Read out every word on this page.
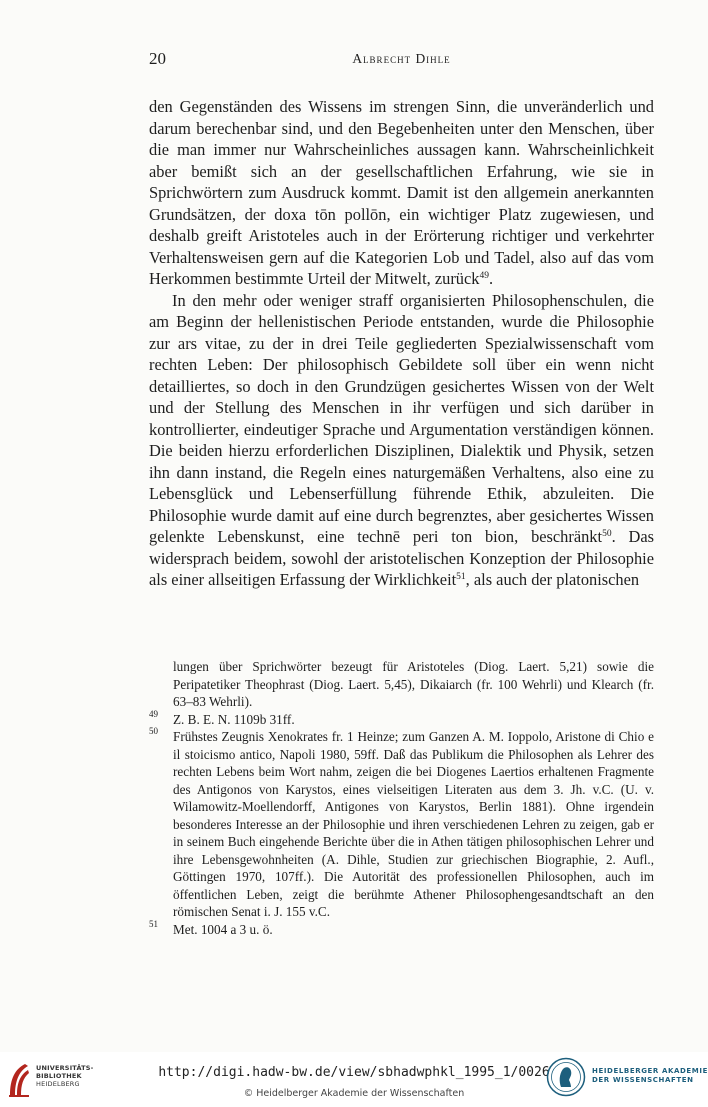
20	Albrecht Dihle

den Gegenständen des Wissens im strengen Sinn, die unveränderlich und darum berechenbar sind, und den Begebenheiten unter den Menschen, über die man immer nur Wahrscheinliches aussagen kann. Wahrscheinlichkeit aber bemißt sich an der gesellschaftlichen Erfahrung, wie sie in Sprichwörtern zum Ausdruck kommt. Damit ist den allgemein anerkannten Grundsätzen, der doxa tōn pollōn, ein wichtiger Platz zugewiesen, und deshalb greift Aristoteles auch in der Erörterung richtiger und verkehrter Verhaltensweisen gern auf die Kategorien Lob und Tadel, also auf das vom Herkommen bestimmte Urteil der Mitwelt, zurück$^{49}$.

In den mehr oder weniger straff organisierten Philosophenschulen, die am Beginn der hellenistischen Periode entstanden, wurde die Philosophie zur ars vitae, zu der in drei Teile gegliederten Spezialwissenschaft vom rechten Leben: Der philosophisch Gebildete soll über ein wenn nicht detailliertes, so doch in den Grundzügen gesichertes Wissen von der Welt und der Stellung des Menschen in ihr verfügen und sich darüber in kontrollierter, eindeutiger Sprache und Argumentation verständigen können. Die beiden hierzu erforderlichen Disziplinen, Dialektik und Physik, setzen ihn dann instand, die Regeln eines naturgemäßen Verhaltens, also eine zu Lebensglück und Lebenserfüllung führende Ethik, abzuleiten. Die Philosophie wurde damit auf eine durch begrenztes, aber gesichertes Wissen gelenkte Lebenskunst, eine technē peri ton bion, beschränkt$^{50}$. Das widersprach beidem, sowohl der aristotelischen Konzeption der Philosophie als einer allseitigen Erfassung der Wirklichkeit$^{51}$, als auch der platonischen

lungen über Sprichwörter bezeugt für Aristoteles (Diog. Laert. 5,21) sowie die Peripatetiker Theophrast (Diog. Laert. 5,45), Dikaiarch (fr. 100 Wehrli) und Klearch (fr. 63–83 Wehrli).

49 Z. B. E. N. 1109b 31ff.

50 Frühstes Zeugnis Xenokrates fr. 1 Heinze; zum Ganzen A. M. Ioppolo, Aristone di Chio e il stoicismo antico, Napoli 1980, 59ff. Daß das Publikum die Philosophen als Lehrer des rechten Lebens beim Wort nahm, zeigen die bei Diogenes Laertios erhaltenen Fragmente des Antigonos von Karystos, eines vielseitigen Literaten aus dem 3. Jh. v.C. (U. v. Wilamowitz-Moellendorff, Antigones von Karystos, Berlin 1881). Ohne irgendein besonderes Interesse an der Philosophie und ihren verschiedenen Lehren zu zeigen, gab er in seinem Buch eingehende Berichte über die in Athen tätigen philosophischen Lehrer und ihre Lebensgewohnheiten (A. Dihle, Studien zur griechischen Biographie, 2. Aufl., Göttingen 1970, 107ff.). Die Autorität des professionellen Philosophen, auch im öffentlichen Leben, zeigt die berühmte Athener Philosophengesandtschaft an den römischen Senat i. J. 155 v.C.

51 Met. 1004 a 3 u. ö.

UNIVERSITÄTS-
BIBLIOTHEK
HEIDELBERG
http://digi.hadw-bw.de/view/sbhadwphkl_1995_1/0026
© Heidelberger Akademie der Wissenschaften
HEIDELBERGER AKADEMIE
DER WISSENSCHAFTEN
